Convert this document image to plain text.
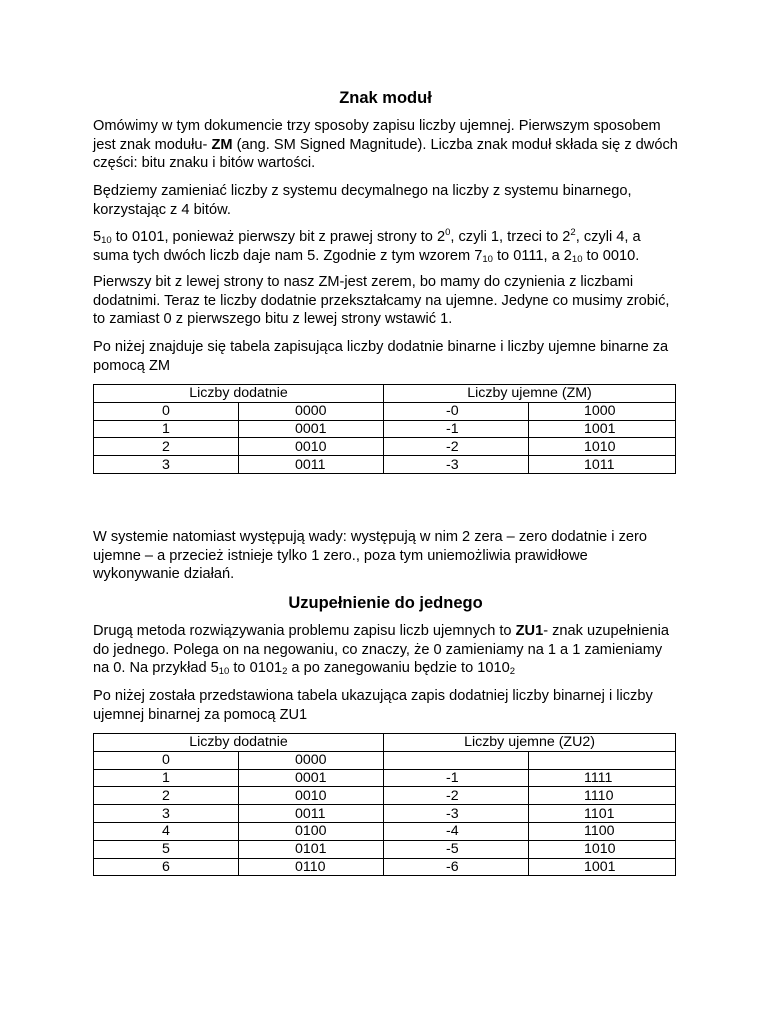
Znak moduł

Omówimy w tym dokumencie trzy sposoby zapisu liczby ujemnej. Pierwszym sposobem jest znak modułu- ZM (ang. SM Signed Magnitude). Liczba znak moduł składa się z dwóch części: bitu znaku i bitów wartości.

Będziemy zamieniać liczby z systemu decymalnego na liczby z systemu binarnego, korzystając z 4 bitów.

$5_{10}$ to 0101, ponieważ pierwszy bit z prawej strony to $2^0$, czyli 1, trzeci to $2^2$, czyli 4, a suma tych dwóch liczb daje nam 5. Zgodnie z tym wzorem $7_{10}$ to 0111, a $2_{10}$ to 0010.

Pierwszy bit z lewej strony to nasz ZM-jest zerem, bo mamy do czynienia z liczbami dodatnimi. Teraz te liczby dodatnie przekształcamy na ujemne. Jedyne co musimy zrobić, to zamiast 0 z pierwszego bitu z lewej strony wstawić 1.

Po niżej znajduje się tabela zapisująca liczby dodatnie binarne i liczby ujemne binarne za pomocą ZM

Liczby dodatnie		Liczby ujemne (ZM)	
0	0000	-0	1000
1	0001	-1	1001
2	0010	-2	1010
3	0011	-3	1011

W systemie natomiast występują wady: występują w nim 2 zera – zero dodatnie i zero ujemne – a przecież istnieje tylko 1 zero., poza tym uniemożliwia prawidłowe wykonywanie działań.

Uzupełnienie do jednego

Drugą metoda rozwiązywania problemu zapisu liczb ujemnych to ZU1- znak uzupełnienia do jednego. Polega on na negowaniu, co znaczy, że 0 zamieniamy na 1 a 1 zamieniamy na 0. Na przykład $5_{10}$ to $0101_2$ a po zanegowaniu będzie to $1010_2$

Po niżej została przedstawiona tabela ukazująca zapis dodatniej liczby binarnej i liczby ujemnej binarnej za pomocą ZU1

Liczby dodatnie		Liczby ujemne (ZU2)	
0	0000		
1	0001	-1	1111
2	0010	-2	1110
3	0011	-3	1101
4	0100	-4	1100
5	0101	-5	1010
6	0110	-6	1001
